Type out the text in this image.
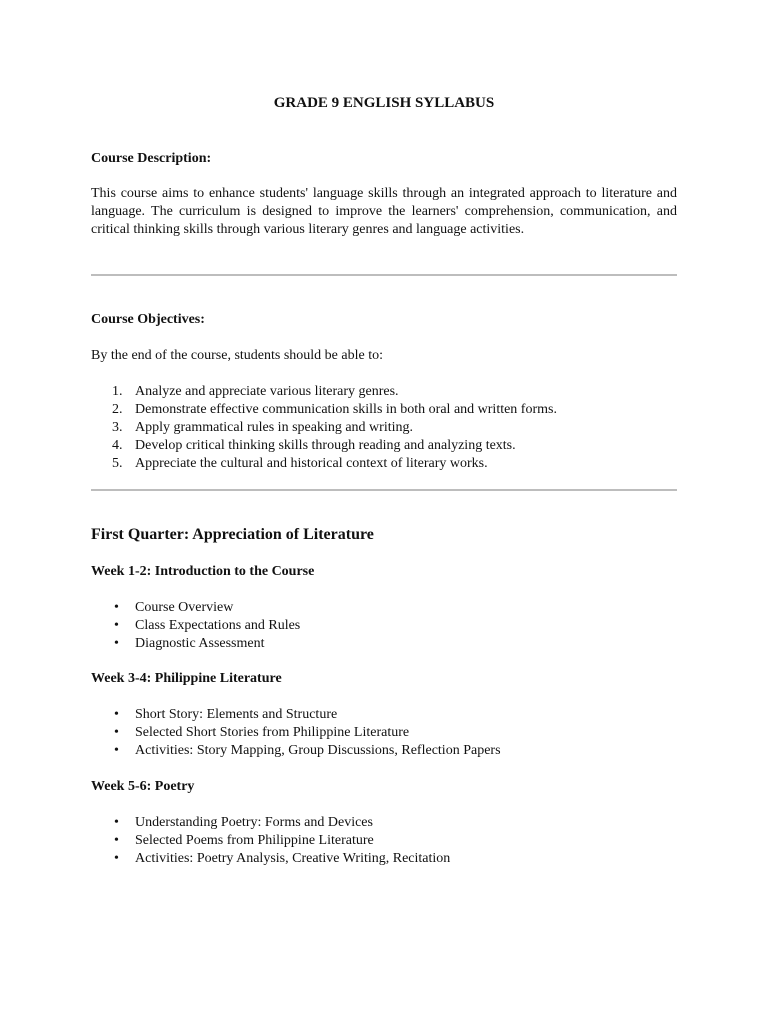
GRADE 9 ENGLISH SYLLABUS
Course Description:

This course aims to enhance students' language skills through an integrated approach to literature and language. The curriculum is designed to improve the learners' comprehension, communication, and critical thinking skills through various literary genres and language activities.

Course Objectives:
By the end of the course, students should be able to:
1. Analyze and appreciate various literary genres.
2. Demonstrate effective communication skills in both oral and written forms.
3. Apply grammatical rules in speaking and writing.
4. Develop critical thinking skills through reading and analyzing texts.
5. Appreciate the cultural and historical context of literary works.
First Quarter: Appreciation of Literature
Week 1-2: Introduction to the Course
• Course Overview
• Class Expectations and Rules
• Diagnostic Assessment
Week 3-4: Philippine Literature
• Short Story: Elements and Structure
• Selected Short Stories from Philippine Literature
• Activities: Story Mapping, Group Discussions, Reflection Papers
Week 5-6: Poetry
• Understanding Poetry: Forms and Devices
• Selected Poems from Philippine Literature
• Activities: Poetry Analysis, Creative Writing, Recitation
